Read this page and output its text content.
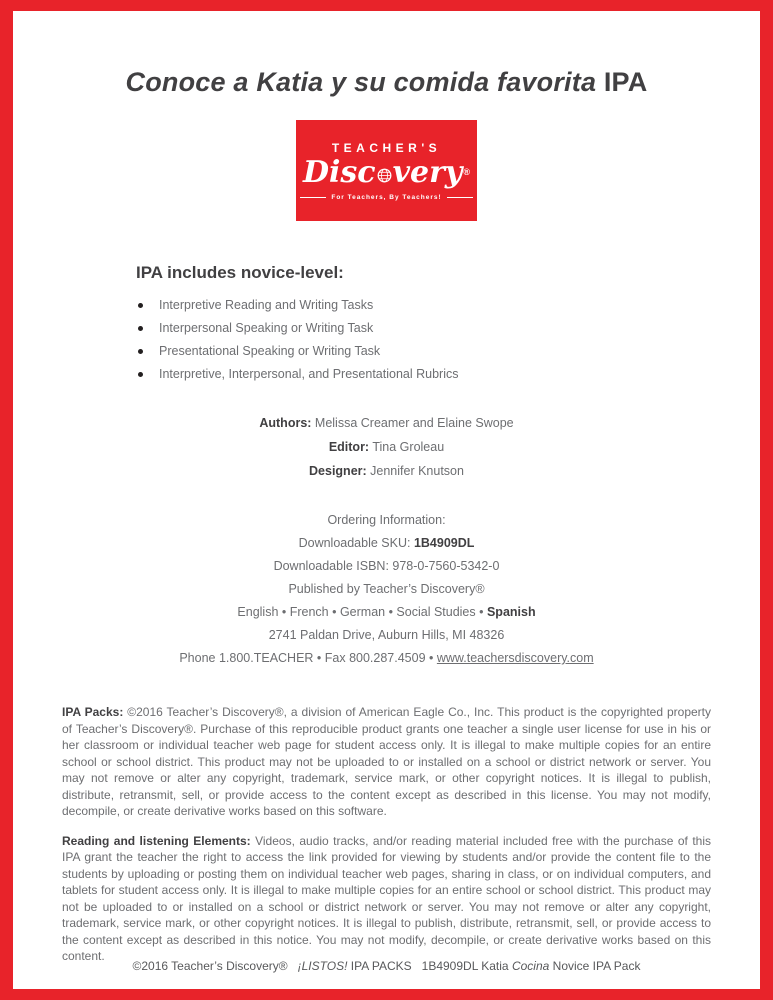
Conoce a Katia y su comida favorita IPA
TEACHER'S
Disc very ®
For Teachers, By Teachers!
IPA includes novice-level:
Interpretive Reading and Writing Tasks
Interpersonal Speaking or Writing Task
Presentational Speaking or Writing Task
Interpretive, Interpersonal, and Presentational Rubrics
Authors: Melissa Creamer and Elaine Swope
Editor: Tina Groleau
Designer: Jennifer Knutson
Ordering Information:
Downloadable SKU: 1B4909DL
Downloadable ISBN: 978-0-7560-5342-0
Published by Teacher’s Discovery®
English • French • German • Social Studies • Spanish
2741 Paldan Drive, Auburn Hills, MI 48326
Phone 1.800.TEACHER • Fax 800.287.4509 • www.teachersdiscovery.com

IPA Packs: ©2016 Teacher’s Discovery®, a division of American Eagle Co., Inc. This product is the copyrighted property of Teacher’s Discovery®. Purchase of this reproducible product grants one teacher a single user license for use in his or her classroom or individual teacher web page for student access only. It is illegal to make multiple copies for an entire school or school district. This product may not be uploaded to or installed on a school or district network or server. You may not remove or alter any copyright, trademark, service mark, or other copyright notices. It is illegal to publish, distribute, retransmit, sell, or provide access to the content except as described in this license. You may not modify, decompile, or create derivative works based on this software.

Reading and listening Elements: Videos, audio tracks, and/or reading material included free with the purchase of this IPA grant the teacher the right to access the link provided for viewing by students and/or provide the content file to the students by uploading or posting them on individual teacher web pages, sharing in class, or on individual computers, and tablets for student access only. It is illegal to make multiple copies for an entire school or school district. This product may not be uploaded to or installed on a school or district network or server. You may not remove or alter any copyright, trademark, service mark, or other copyright notices. It is illegal to publish, distribute, retransmit, sell, or provide access to the content except as described in this notice. You may not modify, decompile, or create derivative works based on this content.

©2016 Teacher’s Discovery®   ¡LISTOS! IPA PACKS   1B4909DL Katia Cocina Novice IPA Pack
